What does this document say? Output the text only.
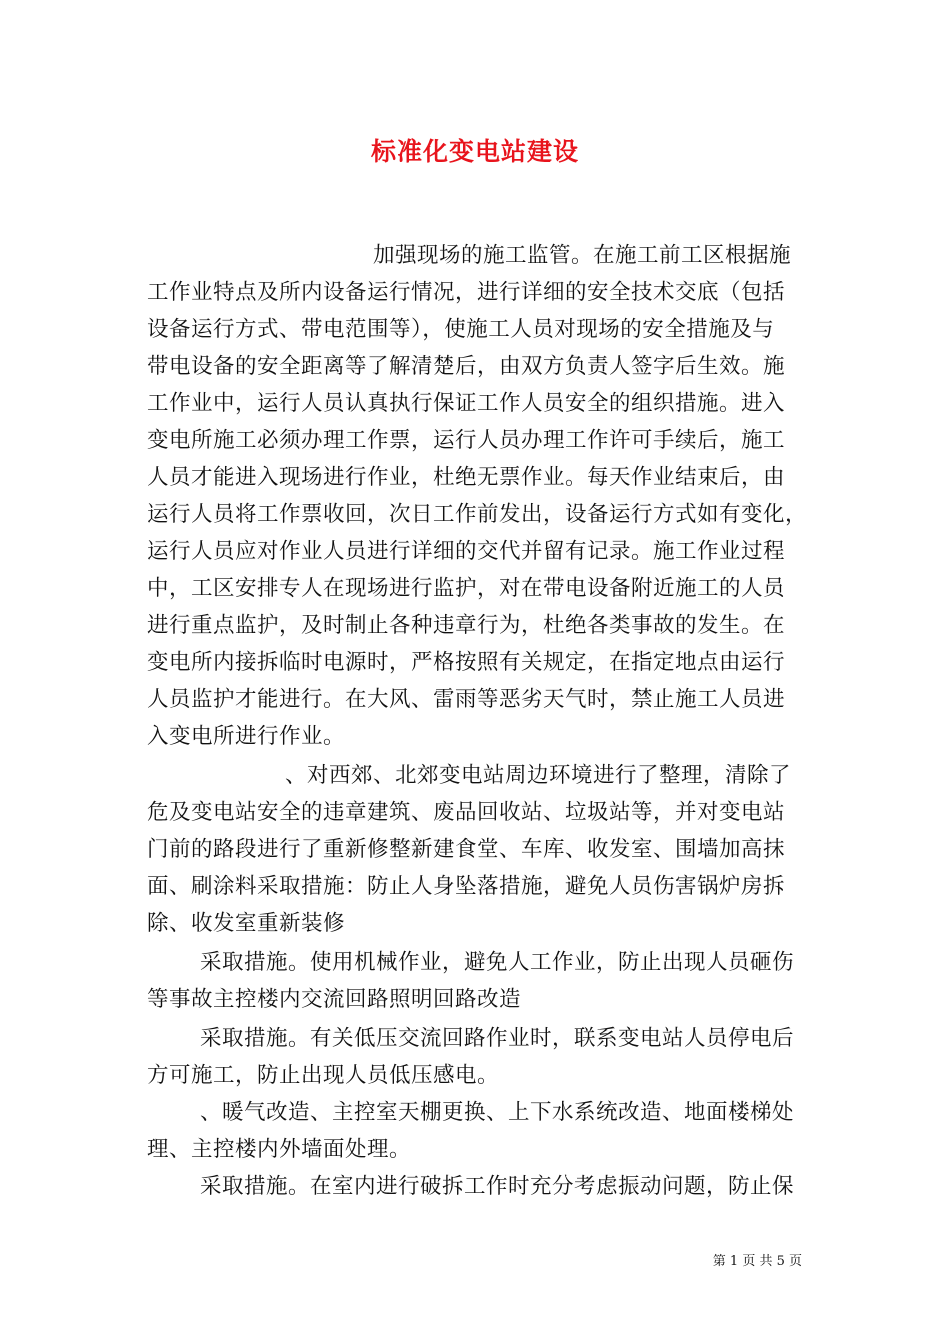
标准化变电站建设
加强现场的施工监管。在施工前工区根据施
工作业特点及所内设备运行情况，进行详细的安全技术交底（包括
设备运行方式、带电范围等），使施工人员对现场的安全措施及与
带电设备的安全距离等了解清楚后，由双方负责人签字后生效。施
工作业中，运行人员认真执行保证工作人员安全的组织措施。进入
变电所施工必须办理工作票，运行人员办理工作许可手续后，施工
人员才能进入现场进行作业，杜绝无票作业。每天作业结束后，由
运行人员将工作票收回，次日工作前发出，设备运行方式如有变化，
运行人员应对作业人员进行详细的交代并留有记录。施工作业过程
中，工区安排专人在现场进行监护，对在带电设备附近施工的人员
进行重点监护，及时制止各种违章行为，杜绝各类事故的发生。在
变电所内接拆临时电源时，严格按照有关规定，在指定地点由运行
人员监护才能进行。在大风、雷雨等恶劣天气时，禁止施工人员进
入变电所进行作业。
、对西郊、北郊变电站周边环境进行了整理，清除了
危及变电站安全的违章建筑、废品回收站、垃圾站等，并对变电站
门前的路段进行了重新修整新建食堂、车库、收发室、围墙加高抹
面、刷涂料采取措施：防止人身坠落措施，避免人员伤害锅炉房拆
除、收发室重新装修
采取措施。使用机械作业，避免人工作业，防止出现人员砸伤
等事故主控楼内交流回路照明回路改造
采取措施。有关低压交流回路作业时，联系变电站人员停电后
方可施工，防止出现人员低压感电。
、暖气改造、主控室天棚更换、上下水系统改造、地面楼梯处
理、主控楼内外墙面处理。
采取措施。在室内进行破拆工作时充分考虑振动问题，防止保
第 1 页 共 5 页
